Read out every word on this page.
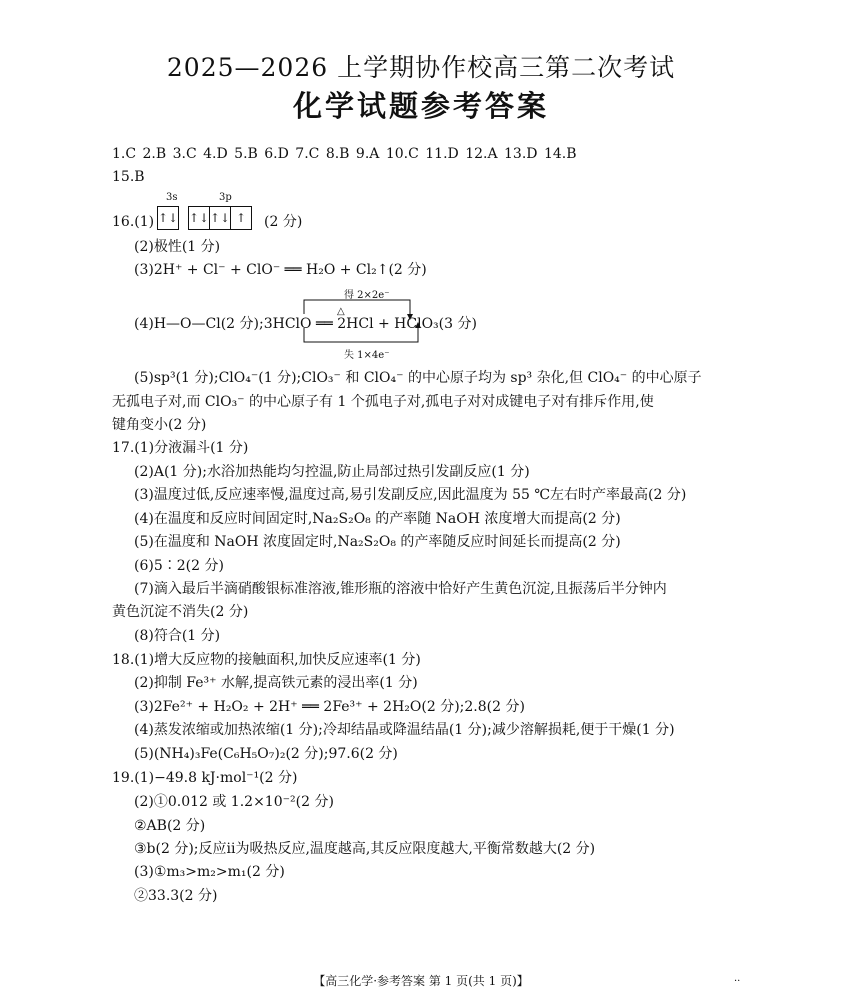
2025—2026 上学期协作校高三第二次考试
化学试题参考答案
1.C 2.B 3.C 4.D 5.B 6.D 7.C 8.B 9.A 10.C 11.D 12.A 13.D 14.B
15.B
3s	3p
16.(1) ↑↓ ↑↓↑↓ ↑	(2 分)
(2)极性(1 分)
(3)2H⁺ + Cl⁻ + ClO⁻ ══ H₂O + Cl₂↑(2 分)
得 2×2e⁻
△
(4)H—O—Cl(2 分);3HClO ══ 2HCl + HClO₃(3 分)
失 1×4e⁻
(5)sp³(1 分);ClO₄⁻(1 分);ClO₃⁻ 和 ClO₄⁻ 的中心原子均为 sp³ 杂化,但 ClO₄⁻ 的中心原子
无孤电子对,而 ClO₃⁻ 的中心原子有 1 个孤电子对,孤电子对对成键电子对有排斥作用,使
键角变小(2 分)
17.(1)分液漏斗(1 分)
(2)A(1 分);水浴加热能均匀控温,防止局部过热引发副反应(1 分)
(3)温度过低,反应速率慢,温度过高,易引发副反应,因此温度为 55 ℃左右时产率最高(2 分)
(4)在温度和反应时间固定时,Na₂S₂O₈ 的产率随 NaOH 浓度增大而提高(2 分)
(5)在温度和 NaOH 浓度固定时,Na₂S₂O₈ 的产率随反应时间延长而提高(2 分)
(6)5∶2(2 分)
(7)滴入最后半滴硝酸银标准溶液,锥形瓶的溶液中恰好产生黄色沉淀,且振荡后半分钟内
黄色沉淀不消失(2 分)
(8)符合(1 分)
18.(1)增大反应物的接触面积,加快反应速率(1 分)
(2)抑制 Fe³⁺ 水解,提高铁元素的浸出率(1 分)
(3)2Fe²⁺ + H₂O₂ + 2H⁺ ══ 2Fe³⁺ + 2H₂O(2 分);2.8(2 分)
(4)蒸发浓缩或加热浓缩(1 分);冷却结晶或降温结晶(1 分);减少溶解损耗,便于干燥(1 分)
(5)(NH₄)₃Fe(C₆H₅O₇)₂(2 分);97.6(2 分)
19.(1)−49.8 kJ·mol⁻¹(2 分)
(2)①0.012 或 1.2×10⁻²(2 分)
②AB(2 分)
③b(2 分);反应ⅱ为吸热反应,温度越高,其反应限度越大,平衡常数越大(2 分)
(3)①m₃>m₂>m₁(2 分)
②33.3(2 分)
【高三化学·参考答案 第 1 页(共 1 页)】	··
